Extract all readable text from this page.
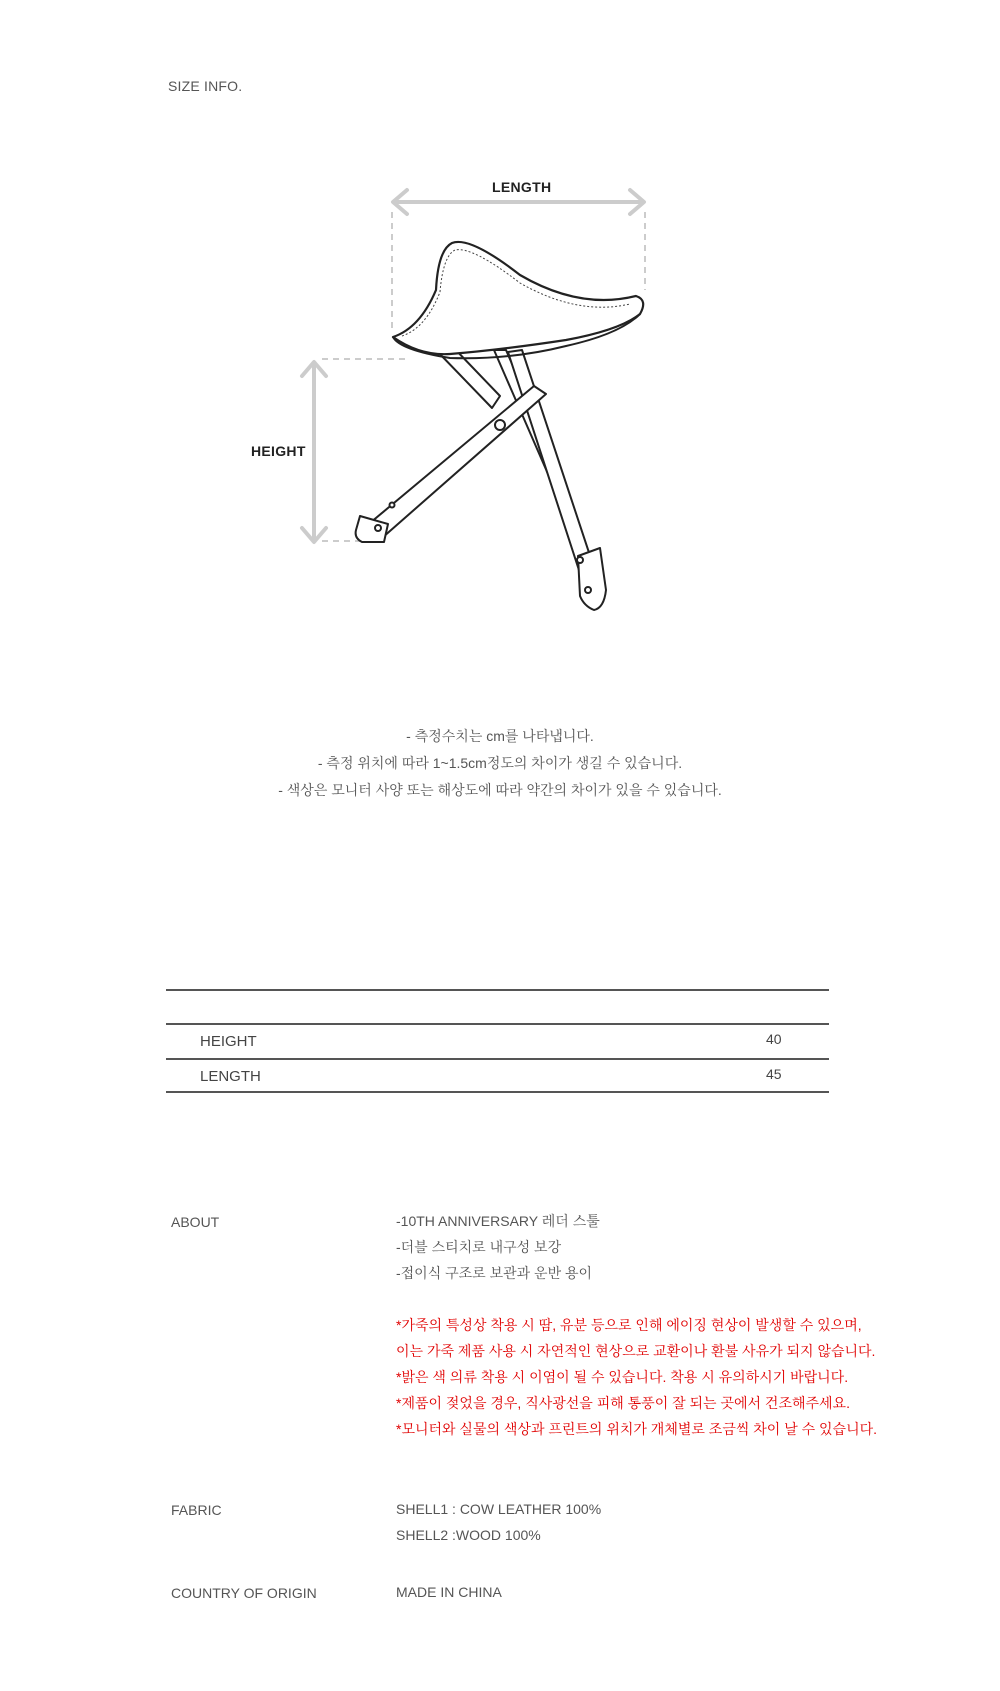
SIZE INFO.
LENGTH
HEIGHT
- 측정수치는 cm를 나타냅니다.
- 측정 위치에 따라 1~1.5cm정도의 차이가 생길 수 있습니다.
- 색상은 모니터 사양 또는 해상도에 따라 약간의 차이가 있을 수 있습니다.
HEIGHT	40
LENGTH	45
ABOUT	-10TH ANNIVERSARY 레더 스툴
-더블 스티치로 내구성 보강
-접이식 구조로 보관과 운반 용이
*가죽의 특성상 착용 시 땀, 유분 등으로 인해 에이징 현상이 발생할 수 있으며,
이는 가죽 제품 사용 시 자연적인 현상으로 교환이나 환불 사유가 되지 않습니다.
*밝은 색 의류 착용 시 이염이 될 수 있습니다. 착용 시 유의하시기 바랍니다.
*제품이 젖었을 경우, 직사광선을 피해 통풍이 잘 되는 곳에서 건조해주세요.
*모니터와 실물의 색상과 프린트의 위치가 개체별로 조금씩 차이 날 수 있습니다.
FABRIC	SHELL1 : COW LEATHER 100%
SHELL2 :WOOD 100%
COUNTRY OF ORIGIN	MADE IN CHINA
